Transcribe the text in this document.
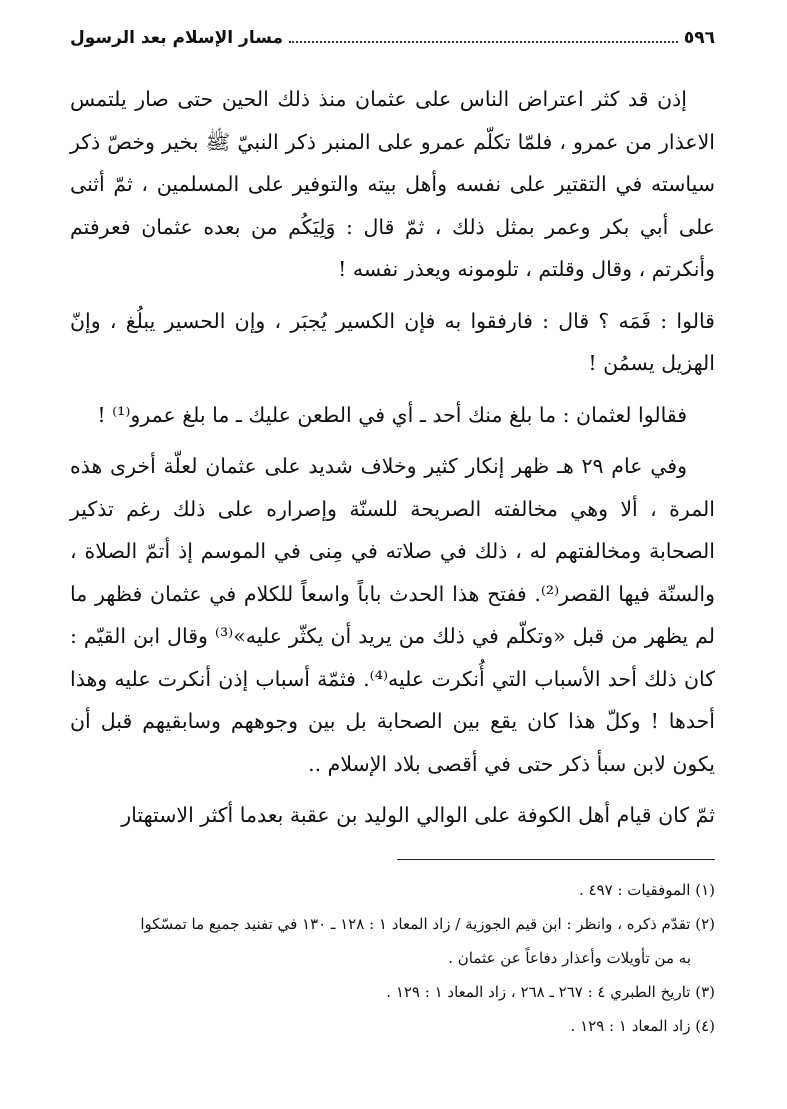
٥٩٦
مسار الإسلام بعد الرسول

إذن قد كثر اعتراض الناس على عثمان منذ ذلك الحين حتى صار يلتمس الاعذار من عمرو ، فلمّا تكلّم عمرو على المنبر ذكر النبيّ ﷺ بخير وخصّ ذكر سياسته في التقتير على نفسه وأهل بيته والتوفير على المسلمين ، ثمّ أثنى على أبي بكر وعمر بمثل ذلك ، ثمّ قال : وَلِيَكُم من بعده عثمان فعرفتم وأنكرتم ، وقال وقلتم ، تلومونه ويعذر نفسه !

قالوا : فَمَه ؟ قال : فارفقوا به فإن الكسير يُجبَر ، وإن الحسير يبلُغ ، وإنّ الهزيل يسمُن !

فقالوا لعثمان : ما بلغ منك أحد ـ أي في الطعن عليك ـ ما بلغ عمرو⁽¹⁾ !

وفي عام ٢٩ هـ ظهر إنكار كثير وخلاف شديد على عثمان لعلّة أخرى هذه المرة ، ألا وهي مخالفته الصريحة للسنّة وإصراره على ذلك رغم تذكير الصحابة ومخالفتهم له ، ذلك في صلاته في مِنى في الموسم إذ أتمّ الصلاة ، والسنّة فيها القصر⁽²⁾. ففتح هذا الحدث باباً واسعاً للكلام في عثمان فظهر ما لم يظهر من قبل «وتكلّم في ذلك من يريد أن يكثّر عليه»⁽³⁾ وقال ابن القيّم : كان ذلك أحد الأسباب التي أُنكرت عليه⁽⁴⁾. فثمّة أسباب إذن أنكرت عليه وهذا أحدها ! وكلّ هذا كان يقع بين الصحابة بل بين وجوههم وسابقيهم قبل أن يكون لابن سبأ ذكر حتى في أقصى بلاد الإسلام ..

ثمّ كان قيام أهل الكوفة على الوالي الوليد بن عقبة بعدما أكثر الاستهتار

(١) الموفقيات : ٤٩٧ .

(٢) تقدّم ذكره ، وانظر : ابن قيم الجوزية / زاد المعاد ١ : ١٢٨ ـ ١٣٠ في تفنيد جميع ما تمسّكوا

به من تأويلات وأعذار دفاعاً عن عثمان .

(٣) تاريخ الطبري ٤ : ٢٦٧ ـ ٢٦٨ ، زاد المعاد ١ : ١٢٩ .

(٤) زاد المعاد ١ : ١٢٩ .
